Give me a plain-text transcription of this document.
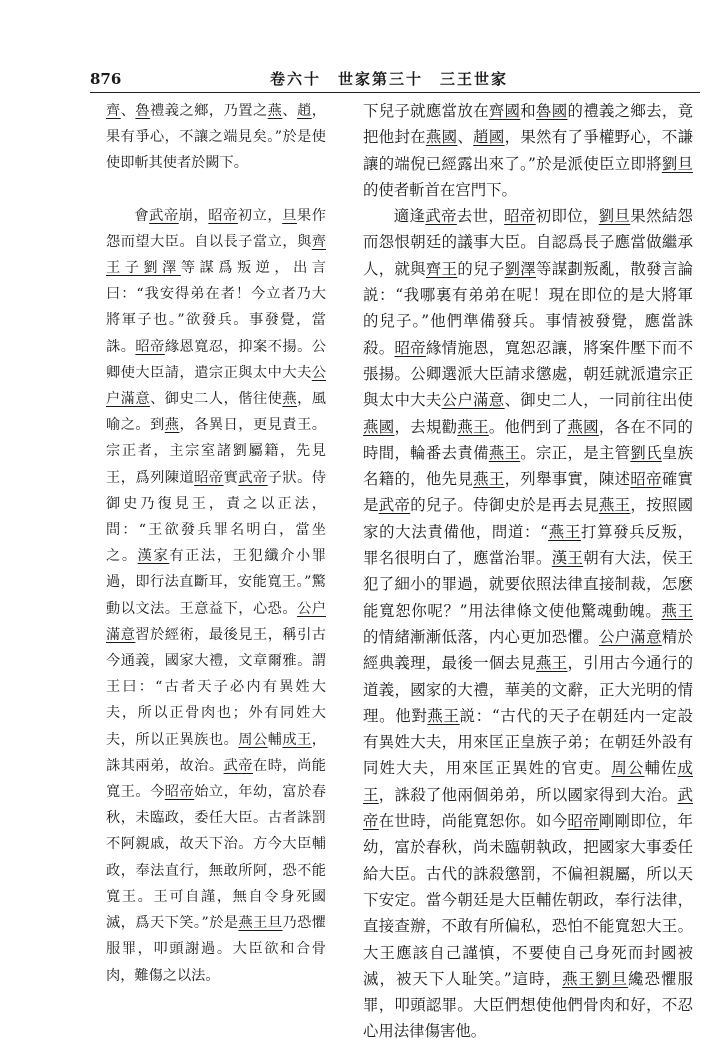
876	卷六十　世家第三十　三王世家

齊、魯禮義之鄉，乃置之燕、趙，果有爭心，不讓之端見矣。”於是使使即斬其使者於闕下。

會武帝崩，昭帝初立，旦果作怨而望大臣。自以長子當立，與齊王子劉澤等謀爲叛逆，出言曰：“我安得弟在者！今立者乃大將軍子也。”欲發兵。事發覺，當誅。昭帝緣恩寬忍，抑案不揚。公卿使大臣請，遣宗正與太中大夫公户滿意、御史二人，偕往使燕，風喻之。到燕，各異日，更見責王。宗正者，主宗室諸劉屬籍，先見王，爲列陳道昭帝實武帝子狀。侍御史乃復見王，責之以正法，問：“王欲發兵罪名明白，當坐之。漢家有正法，王犯纖介小罪過，即行法直斷耳，安能寬王。”驚動以文法。王意益下，心恐。公户滿意習於經術，最後見王，稱引古今通義，國家大禮，文章爾雅。謂王曰：“古者天子必内有異姓大夫，所以正骨肉也；外有同姓大夫，所以正異族也。周公輔成王，誅其兩弟，故治。武帝在時，尚能寬王。今昭帝始立，年幼，富於春秋，未臨政，委任大臣。古者誅罰不阿親戚，故天下治。方今大臣輔政，奉法直行，無敢所阿，恐不能寬王。王可自謹，無自令身死國滅，爲天下笑。”於是燕王旦乃恐懼服罪，叩頭謝過。大臣欲和合骨肉，難傷之以法。

下兒子就應當放在齊國和魯國的禮義之鄉去，竟把他封在燕國、趙國，果然有了爭權野心，不謙讓的端倪已經露出來了。”於是派使臣立即將劉旦的使者斬首在宫門下。

適逢武帝去世，昭帝初即位，劉旦果然結怨而怨恨朝廷的議事大臣。自認爲長子應當做繼承人，就與齊王的兒子劉澤等謀劃叛亂，散發言論説：“我哪裏有弟弟在呢！現在即位的是大將軍的兒子。”他們準備發兵。事情被發覺，應當誅殺。昭帝緣情施恩，寬恕忍讓，將案件壓下而不張揚。公卿選派大臣請求懲處，朝廷就派遣宗正與太中大夫公户滿意、御史二人，一同前往出使燕國，去規勸燕王。他們到了燕國，各在不同的時間，輪番去責備燕王。宗正，是主管劉氏皇族名籍的，他先見燕王，列舉事實，陳述昭帝確實是武帝的兒子。侍御史於是再去見燕王，按照國家的大法責備他，問道：“燕王打算發兵反叛，罪名很明白了，應當治罪。漢王朝有大法，侯王犯了細小的罪過，就要依照法律直接制裁，怎麽能寬恕你呢？”用法律條文使他驚魂動魄。燕王的情緒漸漸低落，内心更加恐懼。公户滿意精於經典義理，最後一個去見燕王，引用古今通行的道義，國家的大禮，華美的文辭，正大光明的情理。他對燕王説：“古代的天子在朝廷内一定設有異姓大夫，用來匡正皇族子弟；在朝廷外設有同姓大夫，用來匡正異姓的官吏。周公輔佐成王，誅殺了他兩個弟弟，所以國家得到大治。武帝在世時，尚能寬恕你。如今昭帝剛剛即位，年幼，富於春秋，尚未臨朝執政，把國家大事委任給大臣。古代的誅殺懲罰，不偏袒親屬，所以天下安定。當今朝廷是大臣輔佐朝政，奉行法律，直接查辦，不敢有所偏私，恐怕不能寬恕大王。大王應該自己謹慎，不要使自己身死而封國被滅，被天下人耻笑。”這時，燕王劉旦纔恐懼服罪，叩頭認罪。大臣們想使他們骨肉和好，不忍心用法律傷害他。
